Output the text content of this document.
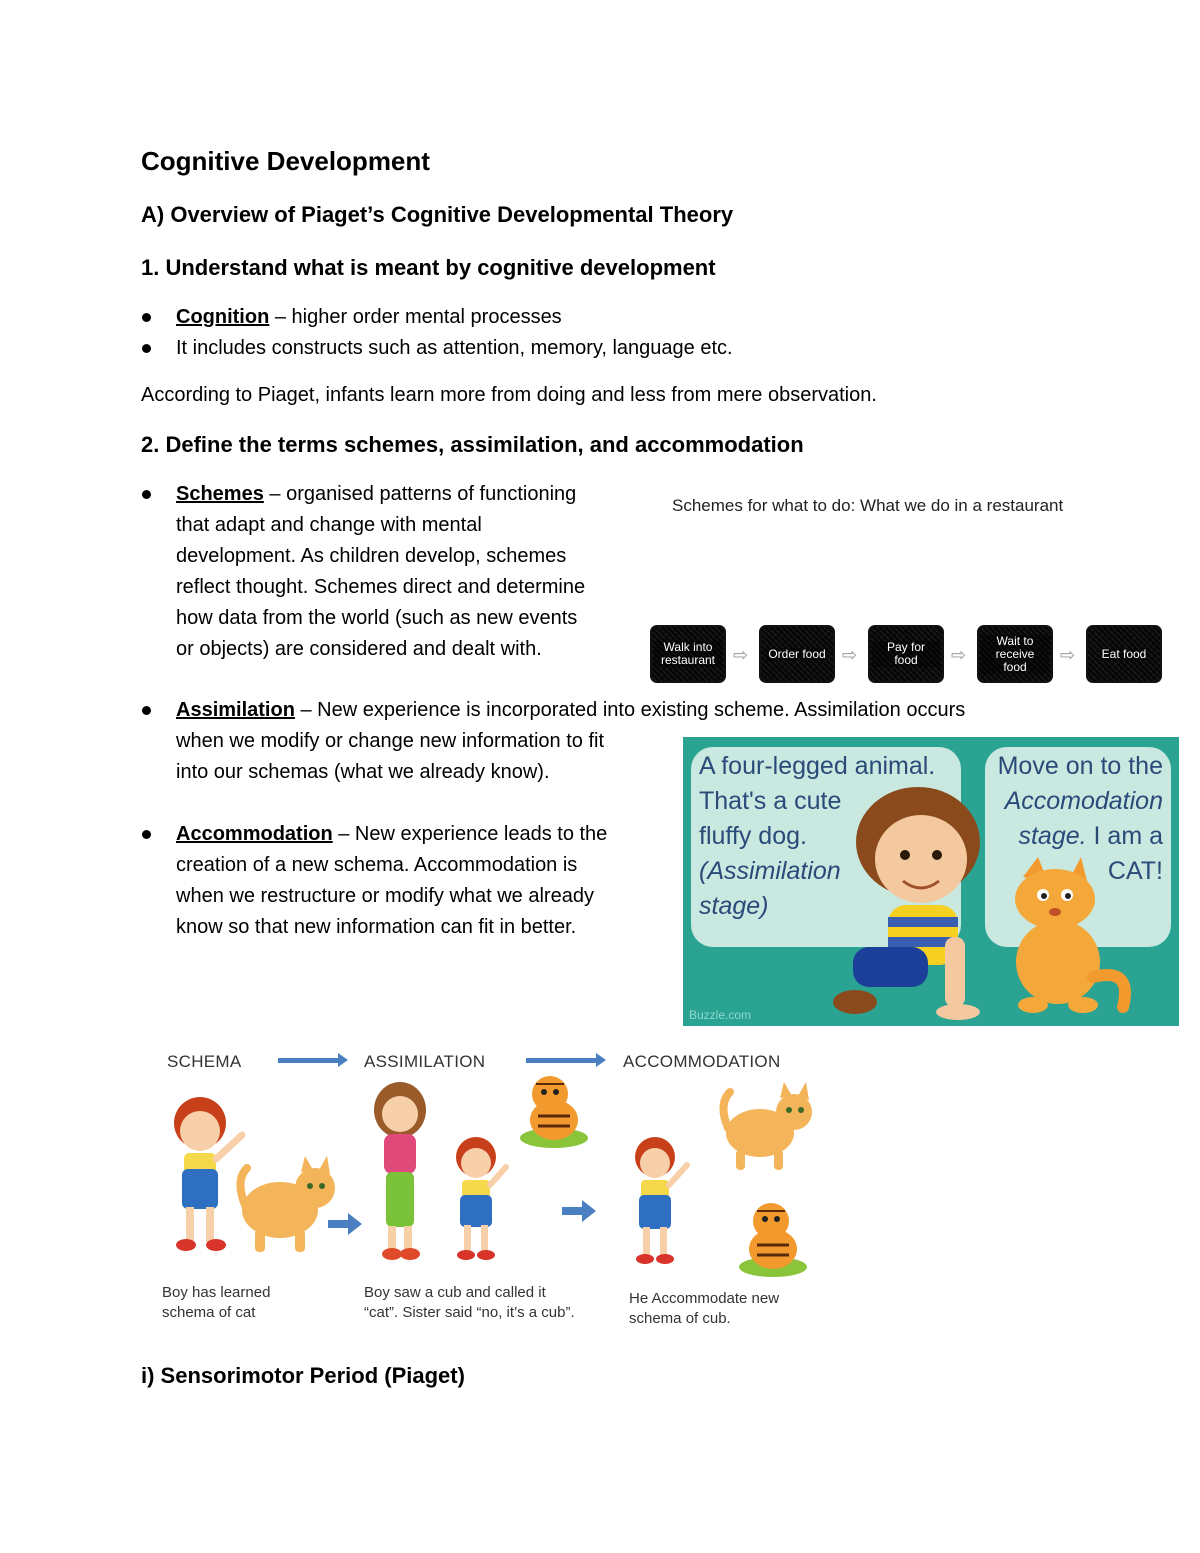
Cognitive Development
A) Overview of Piaget’s Cognitive Developmental Theory
1. Understand what is meant by cognitive development
Cognition – higher order mental processes
It includes constructs such as attention, memory, language etc.
According to Piaget, infants learn more from doing and less from mere observation.
2. Define the terms schemes, assimilation, and accommodation
Schemes – organised patterns of functioning
that adapt and change with mental
development. As children develop, schemes
reflect thought. Schemes direct and determine
how data from the world (such as new events
or objects) are considered and dealt with.
Schemes for what to do: What we do in a restaurant
Walk into restaurant ⇨ Order food ⇨	Pay for food	⇨
Wait to receive food
⇨ Eat food
Assimilation – New experience is incorporated into existing scheme. Assimilation occurs
when we modify or change new information to fit
into our schemas (what we already know).
Accommodation – New experience leads to the
creation of a new schema. Accommodation is
when we restructure or modify what we already
know so that new information can fit in better.
A four-legged animal.
That's a cute
fluffy dog.
(Assimilation
stage)
Move on to the
Accomodation
stage. I am a
CAT!
Buzzle.com
SCHEMA	ASSIMILATION	ACCOMMODATION
Boy has learned
schema of cat
Boy saw a cub and called it
“cat”. Sister said “no, it’s a cub”.
He Accommodate new
schema of cub.
i) Sensorimotor Period (Piaget)
